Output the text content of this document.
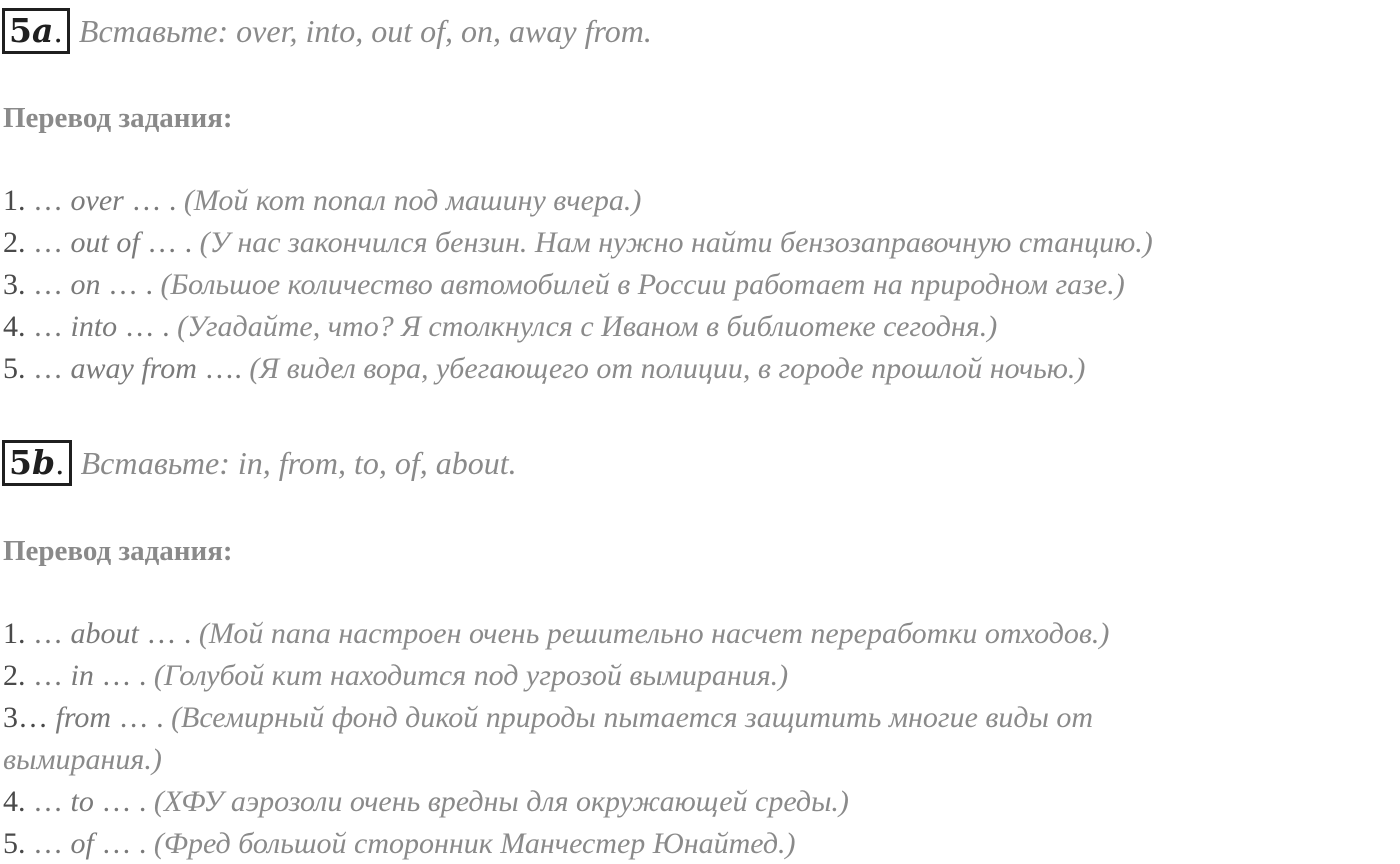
5a. Вставьте: over, into, out of, on, away from.
Перевод задания:
1. … over … . (Мой кот попал под машину вчера.)
2. … out of … . (У нас закончился бензин. Нам нужно найти бензозаправочную станцию.)
3. … on … . (Большое количество автомобилей в России работает на природном газе.)
4. … into … . (Угадайте, что? Я столкнулся с Иваном в библиотеке сегодня.)
5. … away from …. (Я видел вора, убегающего от полиции, в городе прошлой ночью.)
5b. Вставьте: in, from, to, of, about.
Перевод задания:
1. … about … . (Мой папа настроен очень решительно насчет переработки отходов.)
2. … in … . (Голубой кит находится под угрозой вымирания.)
3… from … . (Всемирный фонд дикой природы пытается защитить многие виды от
вымирания.)
4. … to … . (ХФУ аэрозоли очень вредны для окружающей среды.)
5. … of … . (Фред большой сторонник Манчестер Юнайтед.)
